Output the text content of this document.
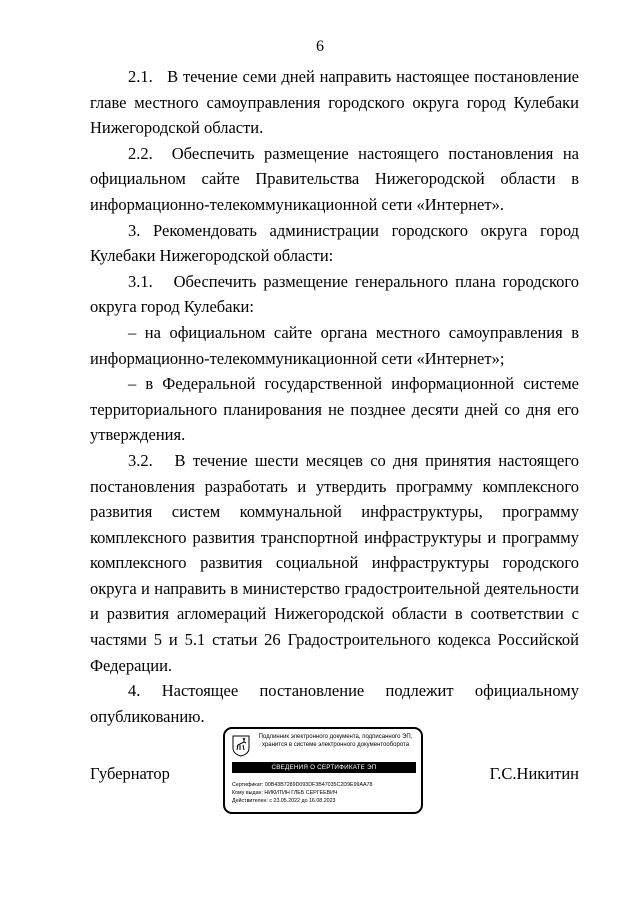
6

2.1.   В течение семи дней направить настоящее постановление главе местного самоуправления городского округа город Кулебаки Нижегородской области.

2.2.  Обеспечить размещение настоящего постановления на официальном сайте Правительства Нижегородской области в информационно-телекоммуникационной сети «Интернет».

3. Рекомендовать администрации городского округа город Кулебаки Нижегородской области:

3.1.   Обеспечить размещение генерального плана городского округа город Кулебаки:

– на официальном сайте органа местного самоуправления в информационно-телекоммуникационной сети «Интернет»;

– в Федеральной государственной информационной системе территориального планирования не позднее десяти дней со дня его утверждения.

3.2.   В течение шести месяцев со дня принятия настоящего постановления разработать и утвердить программу комплексного развития систем коммунальной инфраструктуры, программу комплексного развития транспортной инфраструктуры и программу комплексного развития социальной инфраструктуры городского округа и направить в министерство градостроительной деятельности и развития агломераций Нижегородской области в соответствии с частями 5 и 5.1 статьи 26 Градостроительного кодекса Российской Федерации.

4. Настоящее постановление подлежит официальному опубликованию.

Губернатор	Г.С.Никитин
Подлинник электронного документа, подписанного ЭП,
хранится в системе электронного документооборота
СВЕДЕНИЯ О СЕРТИФИКАТЕ ЭП
Сертификат: 00B43B7289D093DF3B47035C2D9E99AA78
Кому выдан: НИКИТИН ГЛЕБ СЕРГЕЕВИЧ
Действителен: с 23.05.2022 до 16.08.2023
